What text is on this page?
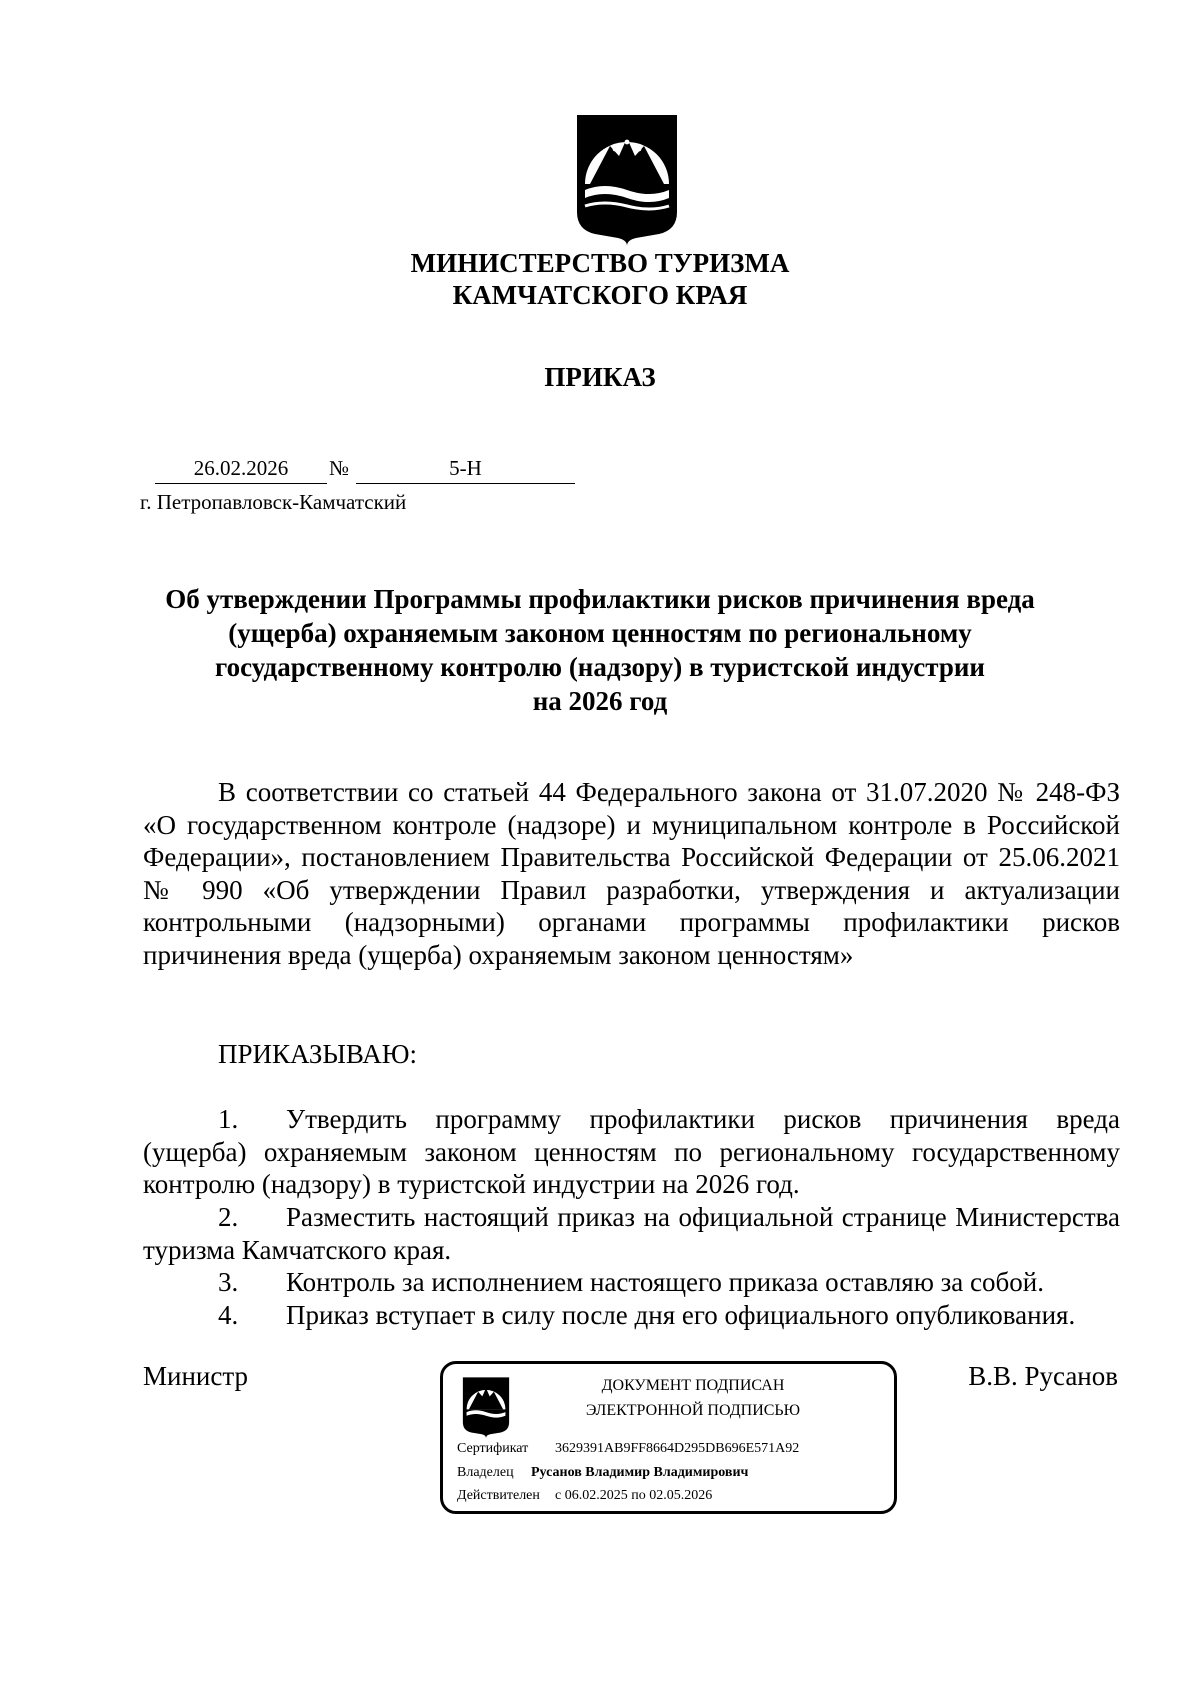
МИНИСТЕРСТВО ТУРИЗМА
КАМЧАТСКОГО КРАЯ
ПРИКАЗ
26.02.2026	№	5-Н
г. Петропавловск-Камчатский
Об утверждении Программы профилактики рисков причинения вреда
(ущерба) охраняемым законом ценностям по региональному
государственному контролю (надзору) в туристской индустрии
на 2026 год
В соответствии со статьей 44 Федерального закона от 31.07.2020 № 248-ФЗ «О государственном контроле (надзоре) и муниципальном контроле в Российской Федерации», постановлением Правительства Российской Федерации от 25.06.2021 № 990 «Об утверждении Правил разработки, утверждения и актуализации контрольными (надзорными) органами программы профилактики рисков причинения вреда (ущерба) охраняемым законом ценностям»
ПРИКАЗЫВАЮ:
Утвердить программу профилактики рисков причинения вреда (ущерба) охраняемым законом ценностям по региональному государственному контролю (надзору) в туристской индустрии на 2026 год.
1.
Разместить настоящий приказ на официальной странице Министерства туризма Камчатского края.
2.
Контроль за исполнением настоящего приказа оставляю за собой.
3.
Приказ вступает в силу после дня его официального опубликования.
4.
Министр	В.В. Русанов
ДОКУМЕНТ ПОДПИСАН
ЭЛЕКТРОННОЙ ПОДПИСЬЮ
Сертификат 3629391AB9FF8664D295DB696E571A92
Владелец Русанов Владимир Владимирович
Действителен с 06.02.2025 по 02.05.2026
